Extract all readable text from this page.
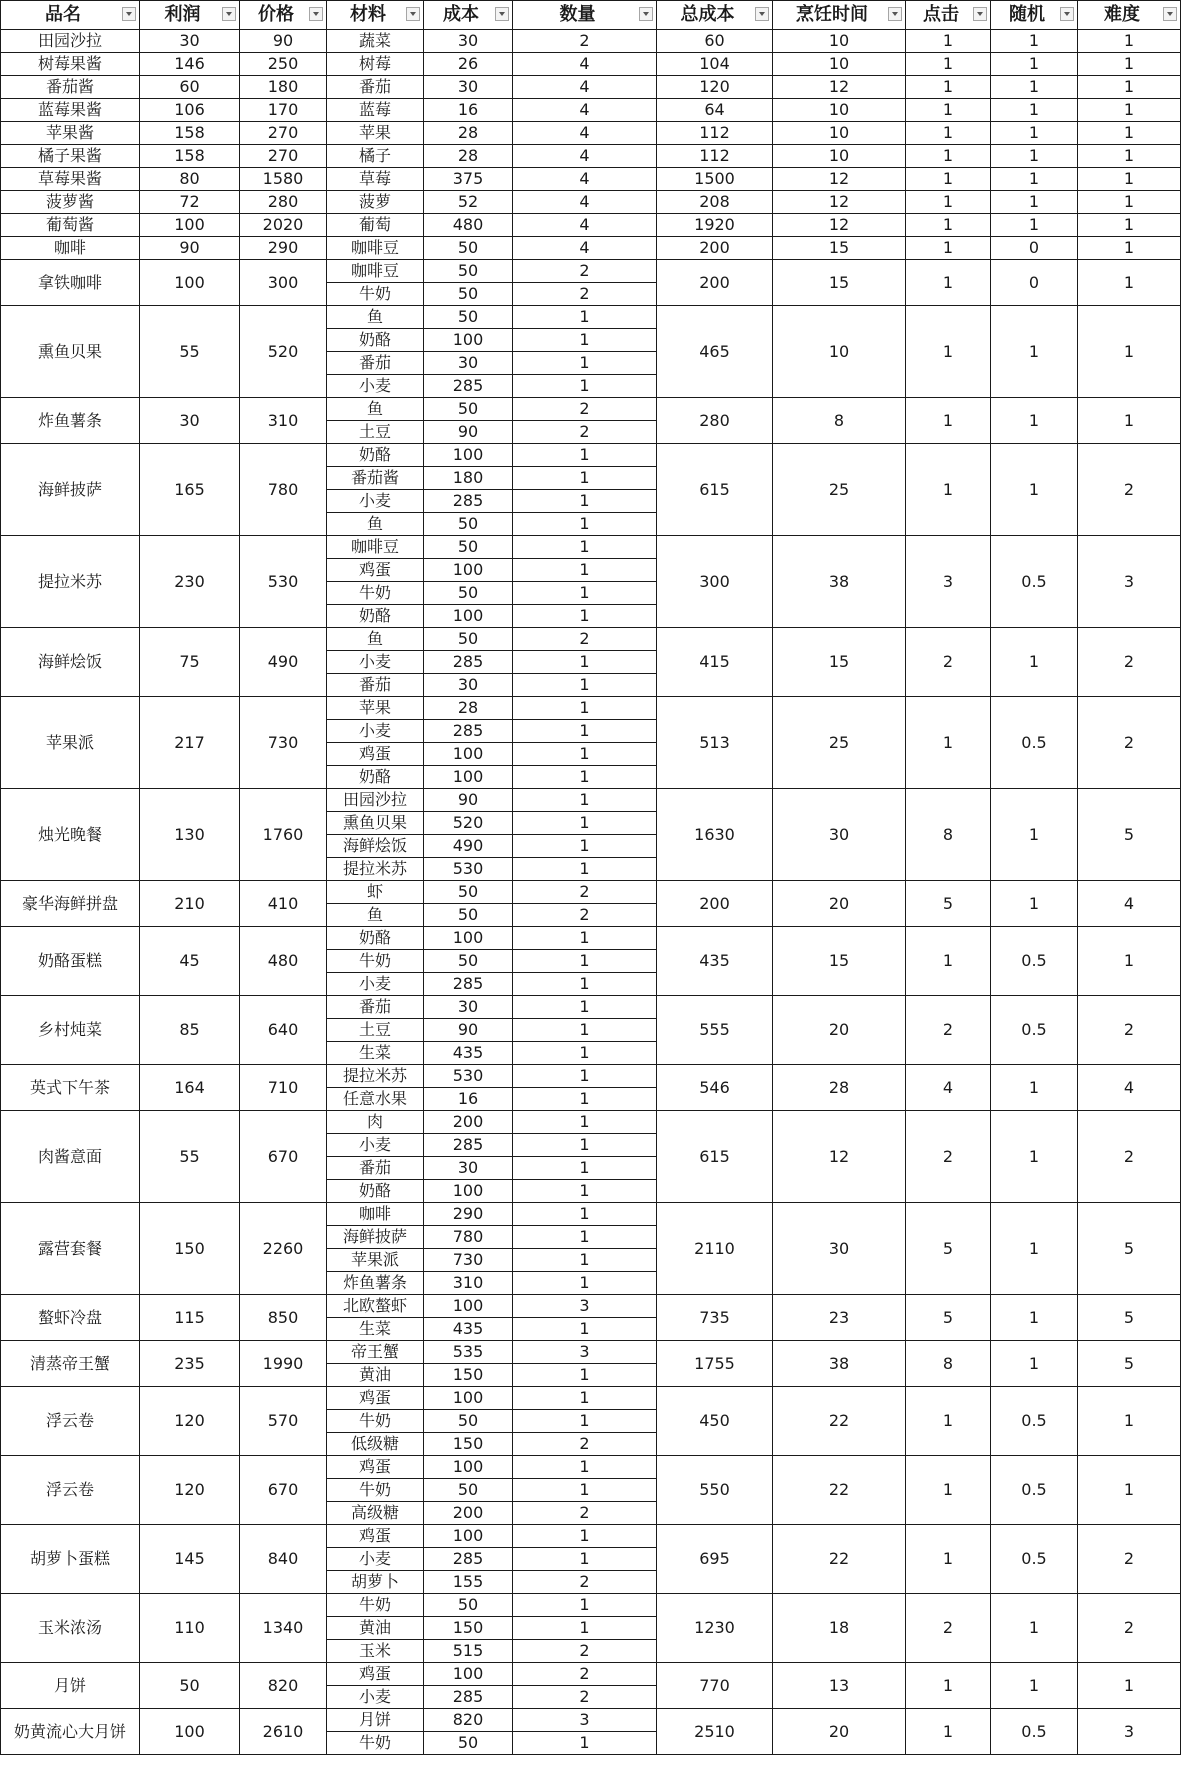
品名	利润	价格	材料	成本	数量	总成本	烹饪时间	点击	随机	难度

田园沙拉	30	90	蔬菜	30	2	60	10	1	1	1
树莓果酱	146	250	树莓	26	4	104	10	1	1	1
番茄酱	60	180	番茄	30	4	120	12	1	1	1
蓝莓果酱	106	170	蓝莓	16	4	64	10	1	1	1
苹果酱	158	270	苹果	28	4	112	10	1	1	1
橘子果酱	158	270	橘子	28	4	112	10	1	1	1
草莓果酱	80	1580	草莓	375	4	1500	12	1	1	1
菠萝酱	72	280	菠萝	52	4	208	12	1	1	1
葡萄酱	100	2020	葡萄	480	4	1920	12	1	1	1
咖啡	90	290	咖啡豆	50	4	200	15	1	0	1
拿铁咖啡	100	300	咖啡豆	50	2	200	15	1	0	1
			牛奶	50	2					
熏鱼贝果	55	520	鱼	50	1	465	10	1	1	1
			奶酪	100	1					
			番茄	30	1					
			小麦	285	1					
炸鱼薯条	30	310	鱼	50	2	280	8	1	1	1
			土豆	90	2					
海鲜披萨	165	780	奶酪	100	1	615	25	1	1	2
			番茄酱	180	1					
			小麦	285	1					
			鱼	50	1					
提拉米苏	230	530	咖啡豆	50	1	300	38	3	0.5	3
			鸡蛋	100	1					
			牛奶	50	1					
			奶酪	100	1					
海鲜烩饭	75	490	鱼	50	2	415	15	2	1	2
			小麦	285	1					
			番茄	30	1					
苹果派	217	730	苹果	28	1	513	25	1	0.5	2
			小麦	285	1					
			鸡蛋	100	1					
			奶酪	100	1					
烛光晚餐	130	1760	田园沙拉	90	1	1630	30	8	1	5
			熏鱼贝果	520	1					
			海鲜烩饭	490	1					
			提拉米苏	530	1					
豪华海鲜拼盘	210	410	虾	50	2	200	20	5	1	4
			鱼	50	2					
奶酪蛋糕	45	480	奶酪	100	1	435	15	1	0.5	1
			牛奶	50	1					
			小麦	285	1					
乡村炖菜	85	640	番茄	30	1	555	20	2	0.5	2
			土豆	90	1					
			生菜	435	1					
英式下午茶	164	710	提拉米苏	530	1	546	28	4	1	4
			任意水果	16	1					
肉酱意面	55	670	肉	200	1	615	12	2	1	2
			小麦	285	1					
			番茄	30	1					
			奶酪	100	1					
露营套餐	150	2260	咖啡	290	1	2110	30	5	1	5
			海鲜披萨	780	1					
			苹果派	730	1					
			炸鱼薯条	310	1					
螯虾冷盘	115	850	北欧螯虾	100	3	735	23	5	1	5
			生菜	435	1					
清蒸帝王蟹	235	1990	帝王蟹	535	3	1755	38	8	1	5
			黄油	150	1					
浮云卷	120	570	鸡蛋	100	1	450	22	1	0.5	1
			牛奶	50	1					
			低级糖	150	2					
浮云卷	120	670	鸡蛋	100	1	550	22	1	0.5	1
			牛奶	50	1					
			高级糖	200	2					
胡萝卜蛋糕	145	840	鸡蛋	100	1	695	22	1	0.5	2
			小麦	285	1					
			胡萝卜	155	2					
玉米浓汤	110	1340	牛奶	50	1	1230	18	2	1	2
			黄油	150	1					
			玉米	515	2					
月饼	50	820	鸡蛋	100	2	770	13	1	1	1
			小麦	285	2					
奶黄流心大月饼	100	2610	月饼	820	3	2510	20	1	0.5	3
			牛奶	50	1					
